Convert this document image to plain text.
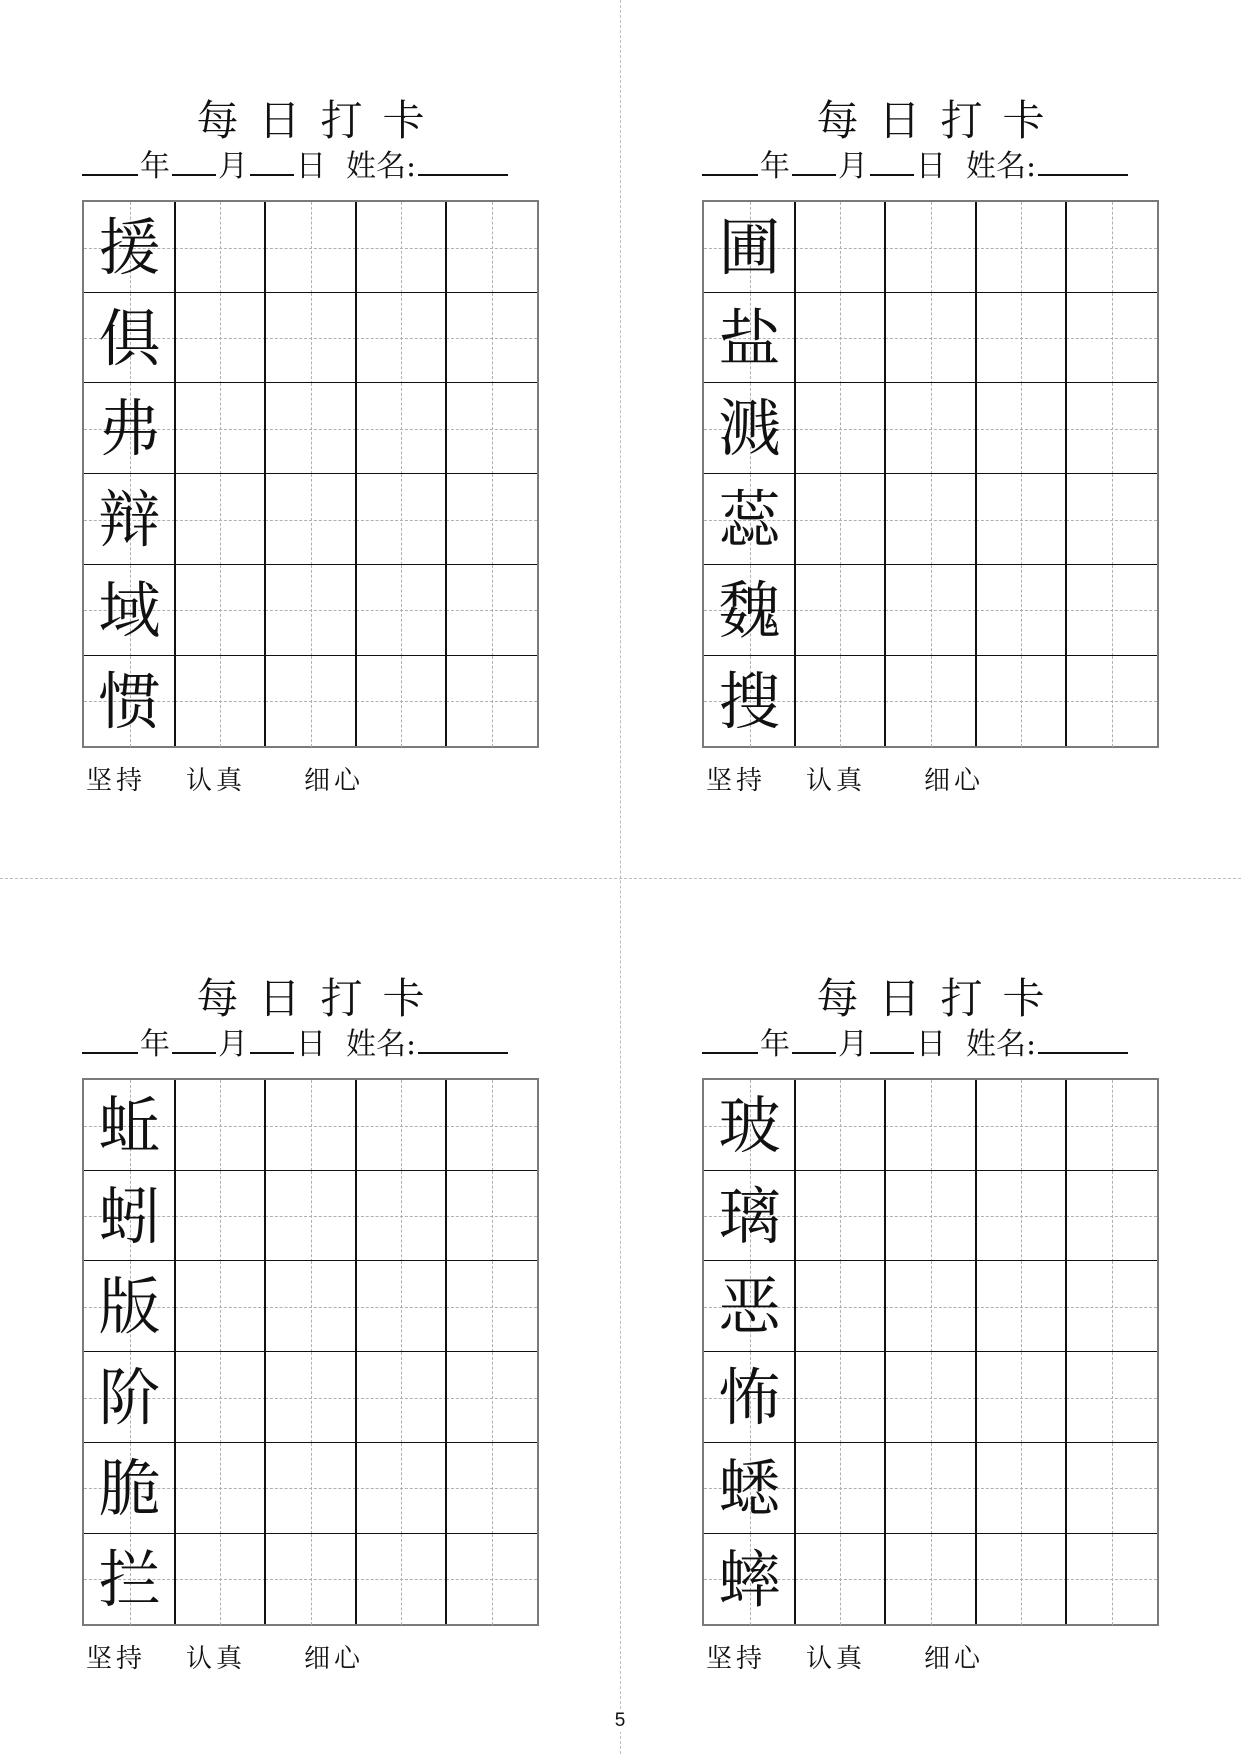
每日打卡
年 月 日 姓名:
援
俱
弗
辩
域
惯
坚持 认真 细心
每日打卡
年 月 日 姓名:
圃
盐
溅
蕊
魏
搜
坚持 认真 细心
每日打卡
年 月 日 姓名:
蚯
蚓
版
阶
脆
拦
坚持 认真 细心
每日打卡
年 月 日 姓名:
玻
璃
恶
怖
蟋
蟀
坚持 认真 细心
5
